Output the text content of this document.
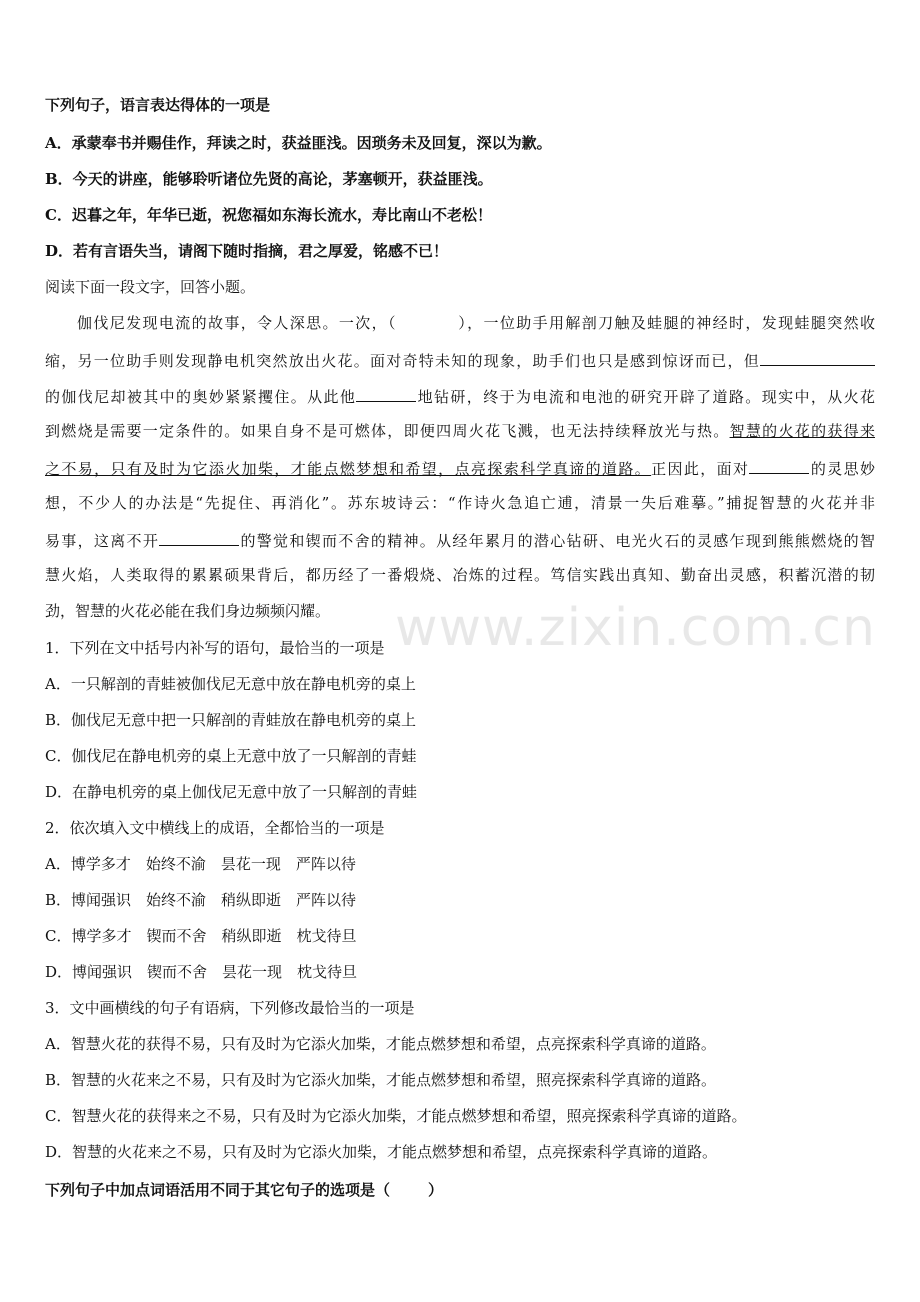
下列句子，语言表达得体的一项是
A．承蒙奉书并赐佳作，拜读之时，获益匪浅。因琐务未及回复，深以为歉。
B．今天的讲座，能够聆听诸位先贤的高论，茅塞顿开，获益匪浅。
C．迟暮之年，年华已逝，祝您福如东海长流水，寿比南山不老松！
D．若有言语失当，请阁下随时指摘，君之厚爱，铭感不已！
阅读下面一段文字，回答小题。
伽伐尼发现电流的故事，令人深思。一次，（	），一位助手用解剖刀触及蛙腿的神经时，发现蛙腿突然收
缩，另一位助手则发现静电机突然放出火花。面对奇特未知的现象，助手们也只是感到惊讶而已，但
的伽伐尼却被其中的奥妙紧紧攫住。从此他	地钻研，终于为电流和电池的研究开辟了道路。现实中，从火花
到燃烧是需要一定条件的。如果自身不是可燃体，即便四周火花飞溅，也无法持续释放光与热。智慧的火花的获得来
之不易，只有及时为它添火加柴，才能点燃梦想和希望，点亮探索科学真谛的道路。正因此，面对	的灵思妙
想，不少人的办法是“先捉住、再消化”。苏东坡诗云：“作诗火急追亡逋，清景一失后难摹。”捕捉智慧的火花并非
易事，这离不开	的警觉和锲而不舍的精神。从经年累月的潜心钻研、电光火石的灵感乍现到熊熊燃烧的智
慧火焰，人类取得的累累硕果背后，都历经了一番煅烧、冶炼的过程。笃信实践出真知、勤奋出灵感，积蓄沉潜的韧
劲，智慧的火花必能在我们身边频频闪耀。
1．下列在文中括号内补写的语句，最恰当的一项是
A．一只解剖的青蛙被伽伐尼无意中放在静电机旁的桌上
B．伽伐尼无意中把一只解剖的青蛙放在静电机旁的桌上
C．伽伐尼在静电机旁的桌上无意中放了一只解剖的青蛙
D．在静电机旁的桌上伽伐尼无意中放了一只解剖的青蛙
2．依次填入文中横线上的成语，全都恰当的一项是
A．博学多才　始终不渝　昙花一现　严阵以待
B．博闻强识　始终不渝　稍纵即逝　严阵以待
C．博学多才　锲而不舍　稍纵即逝　枕戈待旦
D．博闻强识　锲而不舍　昙花一现　枕戈待旦
3．文中画横线的句子有语病，下列修改最恰当的一项是
A．智慧火花的获得不易，只有及时为它添火加柴，才能点燃梦想和希望，点亮探索科学真谛的道路。
B．智慧的火花来之不易，只有及时为它添火加柴，才能点燃梦想和希望，照亮探索科学真谛的道路。
C．智慧火花的获得来之不易，只有及时为它添火加柴，才能点燃梦想和希望，照亮探索科学真谛的道路。
D．智慧的火花来之不易，只有及时为它添火加柴，才能点燃梦想和希望，点亮探索科学真谛的道路。
下列句子中加点词语活用不同于其它句子的选项是（	）
www.zixin.com.cn
